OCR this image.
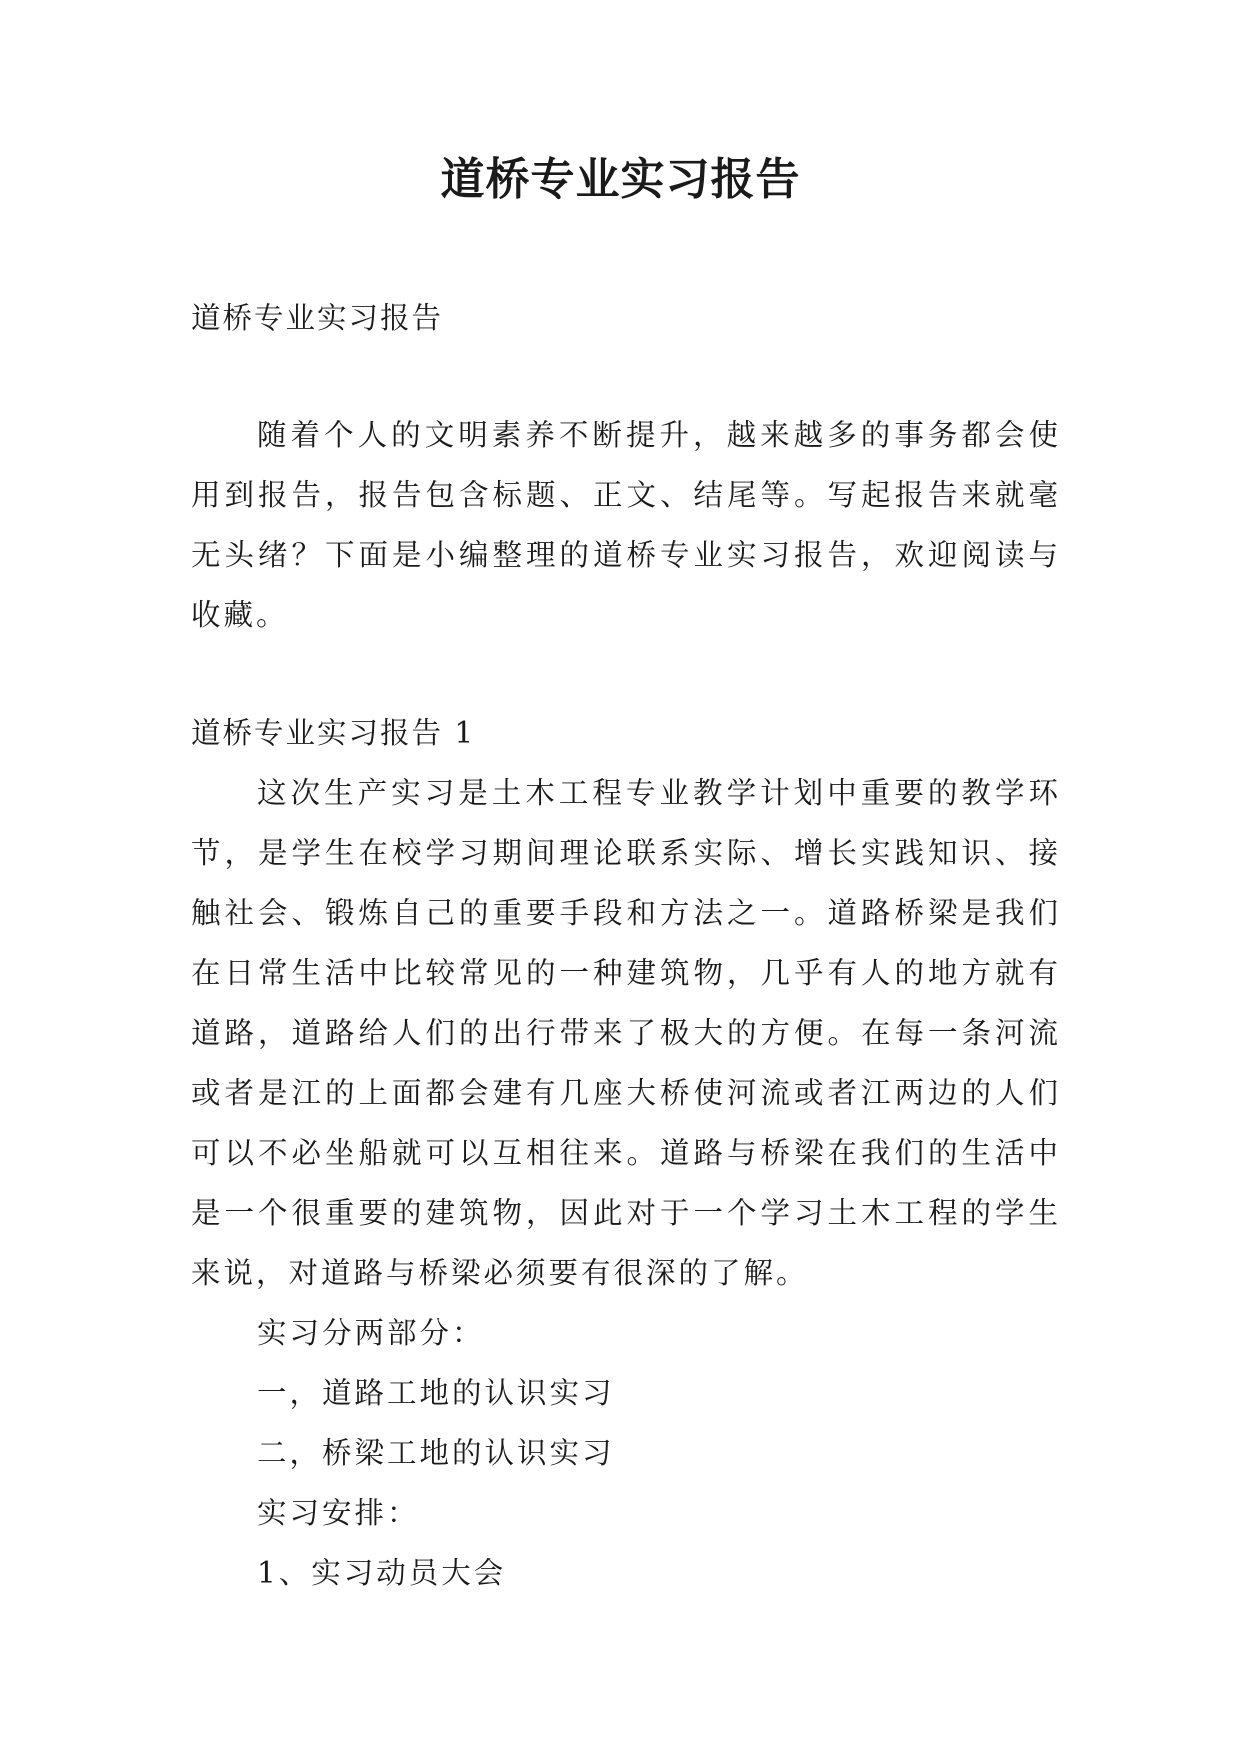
道桥专业实习报告

道桥专业实习报告

随着个人的文明素养不断提升，越来越多的事务都会使用到报告，报告包含标题、正文、结尾等。写起报告来就毫无头绪？下面是小编整理的道桥专业实习报告，欢迎阅读与收藏。

道桥专业实习报告 1

这次生产实习是土木工程专业教学计划中重要的教学环节，是学生在校学习期间理论联系实际、增长实践知识、接触社会、锻炼自己的重要手段和方法之一。道路桥梁是我们在日常生活中比较常见的一种建筑物，几乎有人的地方就有道路，道路给人们的出行带来了极大的方便。在每一条河流或者是江的上面都会建有几座大桥使河流或者江两边的人们可以不必坐船就可以互相往来。道路与桥梁在我们的生活中是一个很重要的建筑物，因此对于一个学习土木工程的学生来说，对道路与桥梁必须要有很深的了解。

实习分两部分：

一，道路工地的认识实习

二，桥梁工地的认识实习

实习安排：

1、实习动员大会
